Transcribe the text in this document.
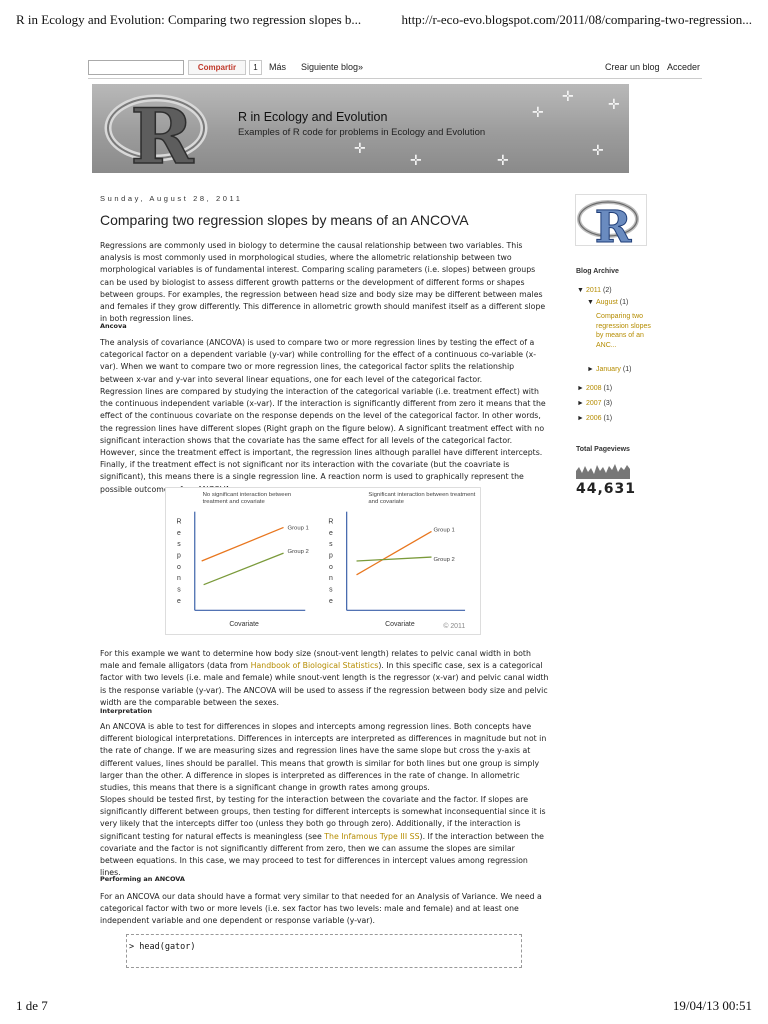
R in Ecology and Evolution: Comparing two regression slopes b...	http://r-eco-evo.blogspot.com/2011/08/comparing-two-regression...
Compartir	1	Más Siguiente blog»	Crear un blog Acceder
R	R in Ecology and Evolution
Examples of R code for problems in Ecology and Evolution
✛
✛
✛
✛
✛
✛
✛
Sunday, August 28, 2011
Comparing two regression slopes by means of an ANCOVA
Regressions are commonly used in biology to determine the causal relationship between two variables. This analysis is most commonly used in morphological studies, where the allometric relationship between two morphological variables is of fundamental interest. Comparing scaling parameters (i.e. slopes) between groups can be used by biologist to assess different growth patterns or the development of different forms or shapes between groups. For examples, the regression between head size and body size may be different between males and females if they grow differently. This difference in allometric growth should manifest itself as a different slope in both regression lines.
Ancova
The analysis of covariance (ANCOVA) is used to compare two or more regression lines by testing the effect of a categorical factor on a dependent variable (y-var) while controlling for the effect of a continuous co-variable (x-var). When we want to compare two or more regression lines, the categorical factor splits the relationship between x-var and y-var into several linear equations, one for each level of the categorical factor.
Regression lines are compared by studying the interaction of the categorical variable (i.e. treatment effect) with the continuous independent variable (x-var). If the interaction is significantly different from zero it means that the effect of the continuous covariate on the response depends on the level of the categorical factor. In other words, the regression lines have different slopes (Right graph on the figure below). A significant treatment effect with no significant interaction shows that the covariate has the same effect for all levels of the categorical factor. However, since the treatment effect is important, the regression lines although parallel have different intercepts. Finally, if the treatment effect is not significant nor its interaction with the covariate (but the coavriate is significant), this means there is a single regression line. A reaction norm is used to graphically represent the possible outcomes of an ANCOVA.
No significant interaction between treatment and covariate
R
e
s
p
o
n
s
e
Group 1
Group 2
Covariate
Significant interaction between treatment and covariate
R
e
s
p
o
n
s
e
Group 1
Group 2
Covariate	© 2011
For this example we want to determine how body size (snout-vent length) relates to pelvic canal width in both male and female alligators (data from Handbook of Biological Statistics). In this specific case, sex is a categorical factor with two levels (i.e. male and female) while snout-vent length is the regressor (x-var) and pelvic canal width is the response variable (y-var). The ANCOVA will be used to assess if the regression between body size and pelvic width are the comparable between the sexes.
Interpretation
An ANCOVA is able to test for differences in slopes and intercepts among regression lines. Both concepts have different biological interpretations. Differences in intercepts are interpreted as differences in magnitude but not in the rate of change. If we are measuring sizes and regression lines have the same slope but cross the y-axis at different values, lines should be parallel. This means that growth is similar for both lines but one group is simply larger than the other. A difference in slopes is interpreted as differences in the rate of change. In allometric studies, this means that there is a significant change in growth rates among groups.
Slopes should be tested first, by testing for the interaction between the covariate and the factor. If slopes are significantly different between groups, then testing for different intercepts is somewhat inconsequential since it is very likely that the intercepts differ too (unless they both go through zero). Additionally, if the interaction is significant testing for natural effects is meaningless (see The Infamous Type III SS). If the interaction between the covariate and the factor is not significantly different from zero, then we can assume the slopes are similar between equations. In this case, we may proceed to test for differences in intercept values among regression lines.
Performing an ANCOVA
For an ANCOVA our data should have a format very similar to that needed for an Analysis of Variance. We need a categorical factor with two or more levels (i.e. sex factor has two levels: male and female) and at least one independent variable and one dependent or response variable (y-var).
> head(gator)
R
Blog Archive
▼ 2011 (2)
▼ August (1)
Comparing two regression slopes by means of an ANC...
► January (1)
► 2008 (1)
► 2007 (3)
► 2006 (1)
Total Pageviews
44,631
1 de 7	19/04/13 00:51
